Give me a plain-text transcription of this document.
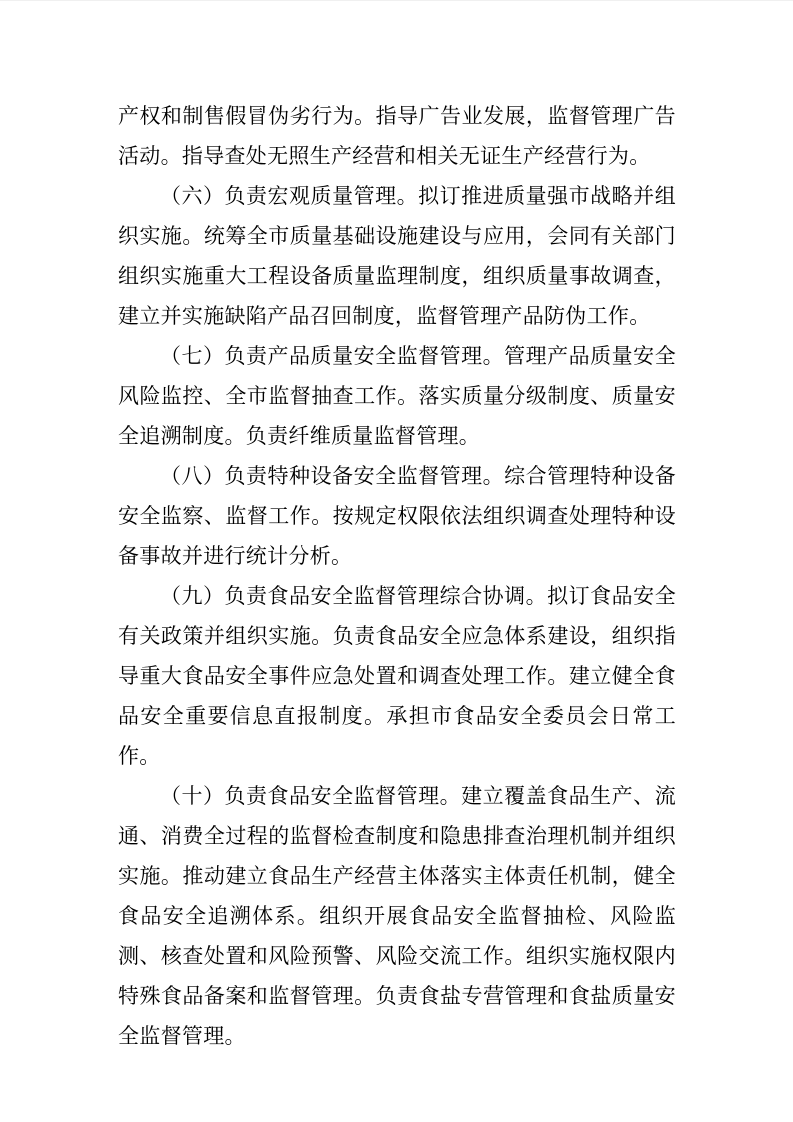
产权和制售假冒伪劣行为。指导广告业发展，监督管理广告活动。指导查处无照生产经营和相关无证生产经营行为。

（六）负责宏观质量管理。拟订推进质量强市战略并组织实施。统筹全市质量基础设施建设与应用，会同有关部门组织实施重大工程设备质量监理制度，组织质量事故调查，建立并实施缺陷产品召回制度，监督管理产品防伪工作。

（七）负责产品质量安全监督管理。管理产品质量安全风险监控、全市监督抽查工作。落实质量分级制度、质量安全追溯制度。负责纤维质量监督管理。

（八）负责特种设备安全监督管理。综合管理特种设备安全监察、监督工作。按规定权限依法组织调查处理特种设备事故并进行统计分析。

（九）负责食品安全监督管理综合协调。拟订食品安全有关政策并组织实施。负责食品安全应急体系建设，组织指导重大食品安全事件应急处置和调查处理工作。建立健全食品安全重要信息直报制度。承担市食品安全委员会日常工作。

（十）负责食品安全监督管理。建立覆盖食品生产、流通、消费全过程的监督检查制度和隐患排查治理机制并组织实施。推动建立食品生产经营主体落实主体责任机制，健全食品安全追溯体系。组织开展食品安全监督抽检、风险监测、核查处置和风险预警、风险交流工作。组织实施权限内特殊食品备案和监督管理。负责食盐专营管理和食盐质量安全监督管理。
